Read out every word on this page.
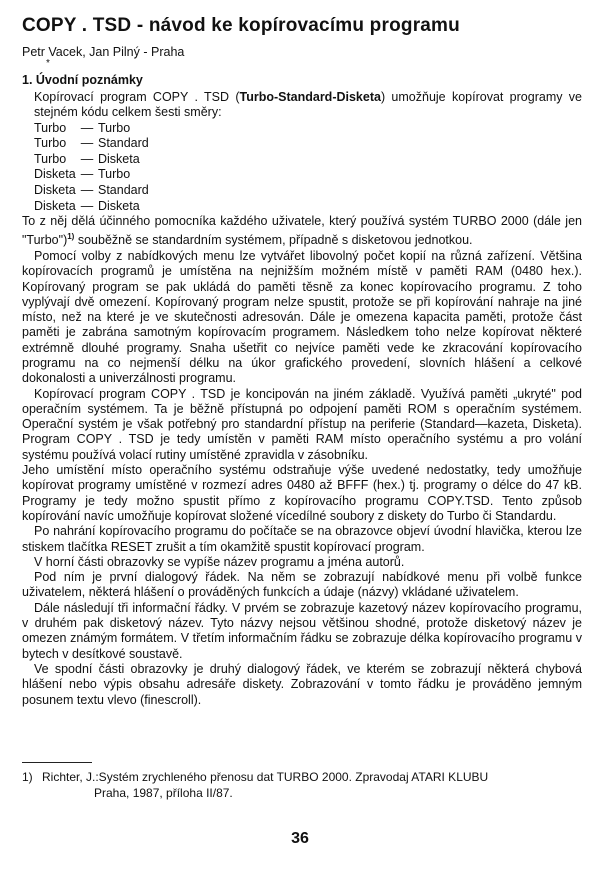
COPY . TSD - návod ke kopírovacímu programu
Petr Vacek, Jan Pilný - Praha
*
1. Úvodní poznámky

Kopírovací program COPY . TSD (Turbo-Standard-Disketa) umožňuje kopírovat programy ve stejném kódu celkem šesti směry:

Turbo	—	Turbo
Turbo	—	Standard
Turbo	—	Disketa
Disketa	—	Turbo
Disketa	—	Standard
Disketa	—	Disketa

To z něj dělá účinného pomocníka každého uživatele, který používá systém TURBO 2000 (dále jen "Turbo")$^{1)}$ souběžně se standardním systémem, případně s disketovou jednotkou.

Pomocí volby z nabídkových menu lze vytvářet libovolný počet kopií na různá zařízení. Většina kopírovacích programů je umístěna na nejnižším možném místě v paměti RAM (0480 hex.). Kopírovaný program se pak ukládá do paměti těsně za konec kopírovacího programu. Z toho vyplývají dvě omezení. Kopírovaný program nelze spustit, protože se při kopírování nahraje na jiné místo, než na které je ve skutečnosti adresován. Dále je omezena kapacita paměti, protože část paměti je zabrána samotným kopírovacím programem. Následkem toho nelze kopírovat některé extrémně dlouhé programy. Snaha ušetřit co nejvíce paměti vede ke zkracování kopírovacího programu na co nejmenší délku na úkor grafického provedení, slovních hlášení a celkové dokonalosti a univerzálnosti programu.

Kopírovací program COPY . TSD je koncipován na jiném základě. Využívá paměti „ukryté" pod operačním systémem. Ta je běžně přístupná po odpojení paměti ROM s operačním systémem. Operační systém je však potřebný pro standardní přístup na periferie (Standard—kazeta, Disketa). Program COPY . TSD je tedy umístěn v paměti RAM místo operačního systému a pro volání systému používá volací rutiny umístěné zpravidla v zásobníku.

Jeho umístění místo operačního systému odstraňuje výše uvedené nedostatky, tedy umožňuje kopírovat programy umístěné v rozmezí adres 0480 až BFFF (hex.) tj. programy o délce do 47 kB. Programy je tedy možno spustit přímo z kopírovacího programu COPY.TSD. Tento způsob kopírování navíc umožňuje kopírovat složené vícedílné soubory z diskety do Turbo či Standardu.

Po nahrání kopírovacího programu do počítače se na obrazovce objeví úvodní hlavička, kterou lze stiskem tlačítka RESET zrušit a tím okamžitě spustit kopírovací program.

V horní části obrazovky se vypíše název programu a jména autorů.

Pod ním je první dialogový řádek. Na něm se zobrazují nabídkové menu při volbě funkce uživatelem, některá hlášení o prováděných funkcích a údaje (názvy) vkládané uživatelem.

Dále následují tři informační řádky. V prvém se zobrazuje kazetový název kopírovacího programu, v druhém pak disketový název. Tyto názvy nejsou většinou shodné, protože disketový název je omezen známým formátem. V třetím informačním řádku se zobrazuje délka kopírovacího programu v bytech v desítkové soustavě.

Ve spodní části obrazovky je druhý dialogový řádek, ve kterém se zobrazují některá chybová hlášení nebo výpis obsahu adresáře diskety. Zobrazování v tomto řádku je prováděno jemným posunem textu vlevo (finescroll).

1) Richter, J.:Systém zrychleného přenosu dat TURBO 2000. Zpravodaj ATARI KLUBU
Praha, 1987, příloha II/87.
36
